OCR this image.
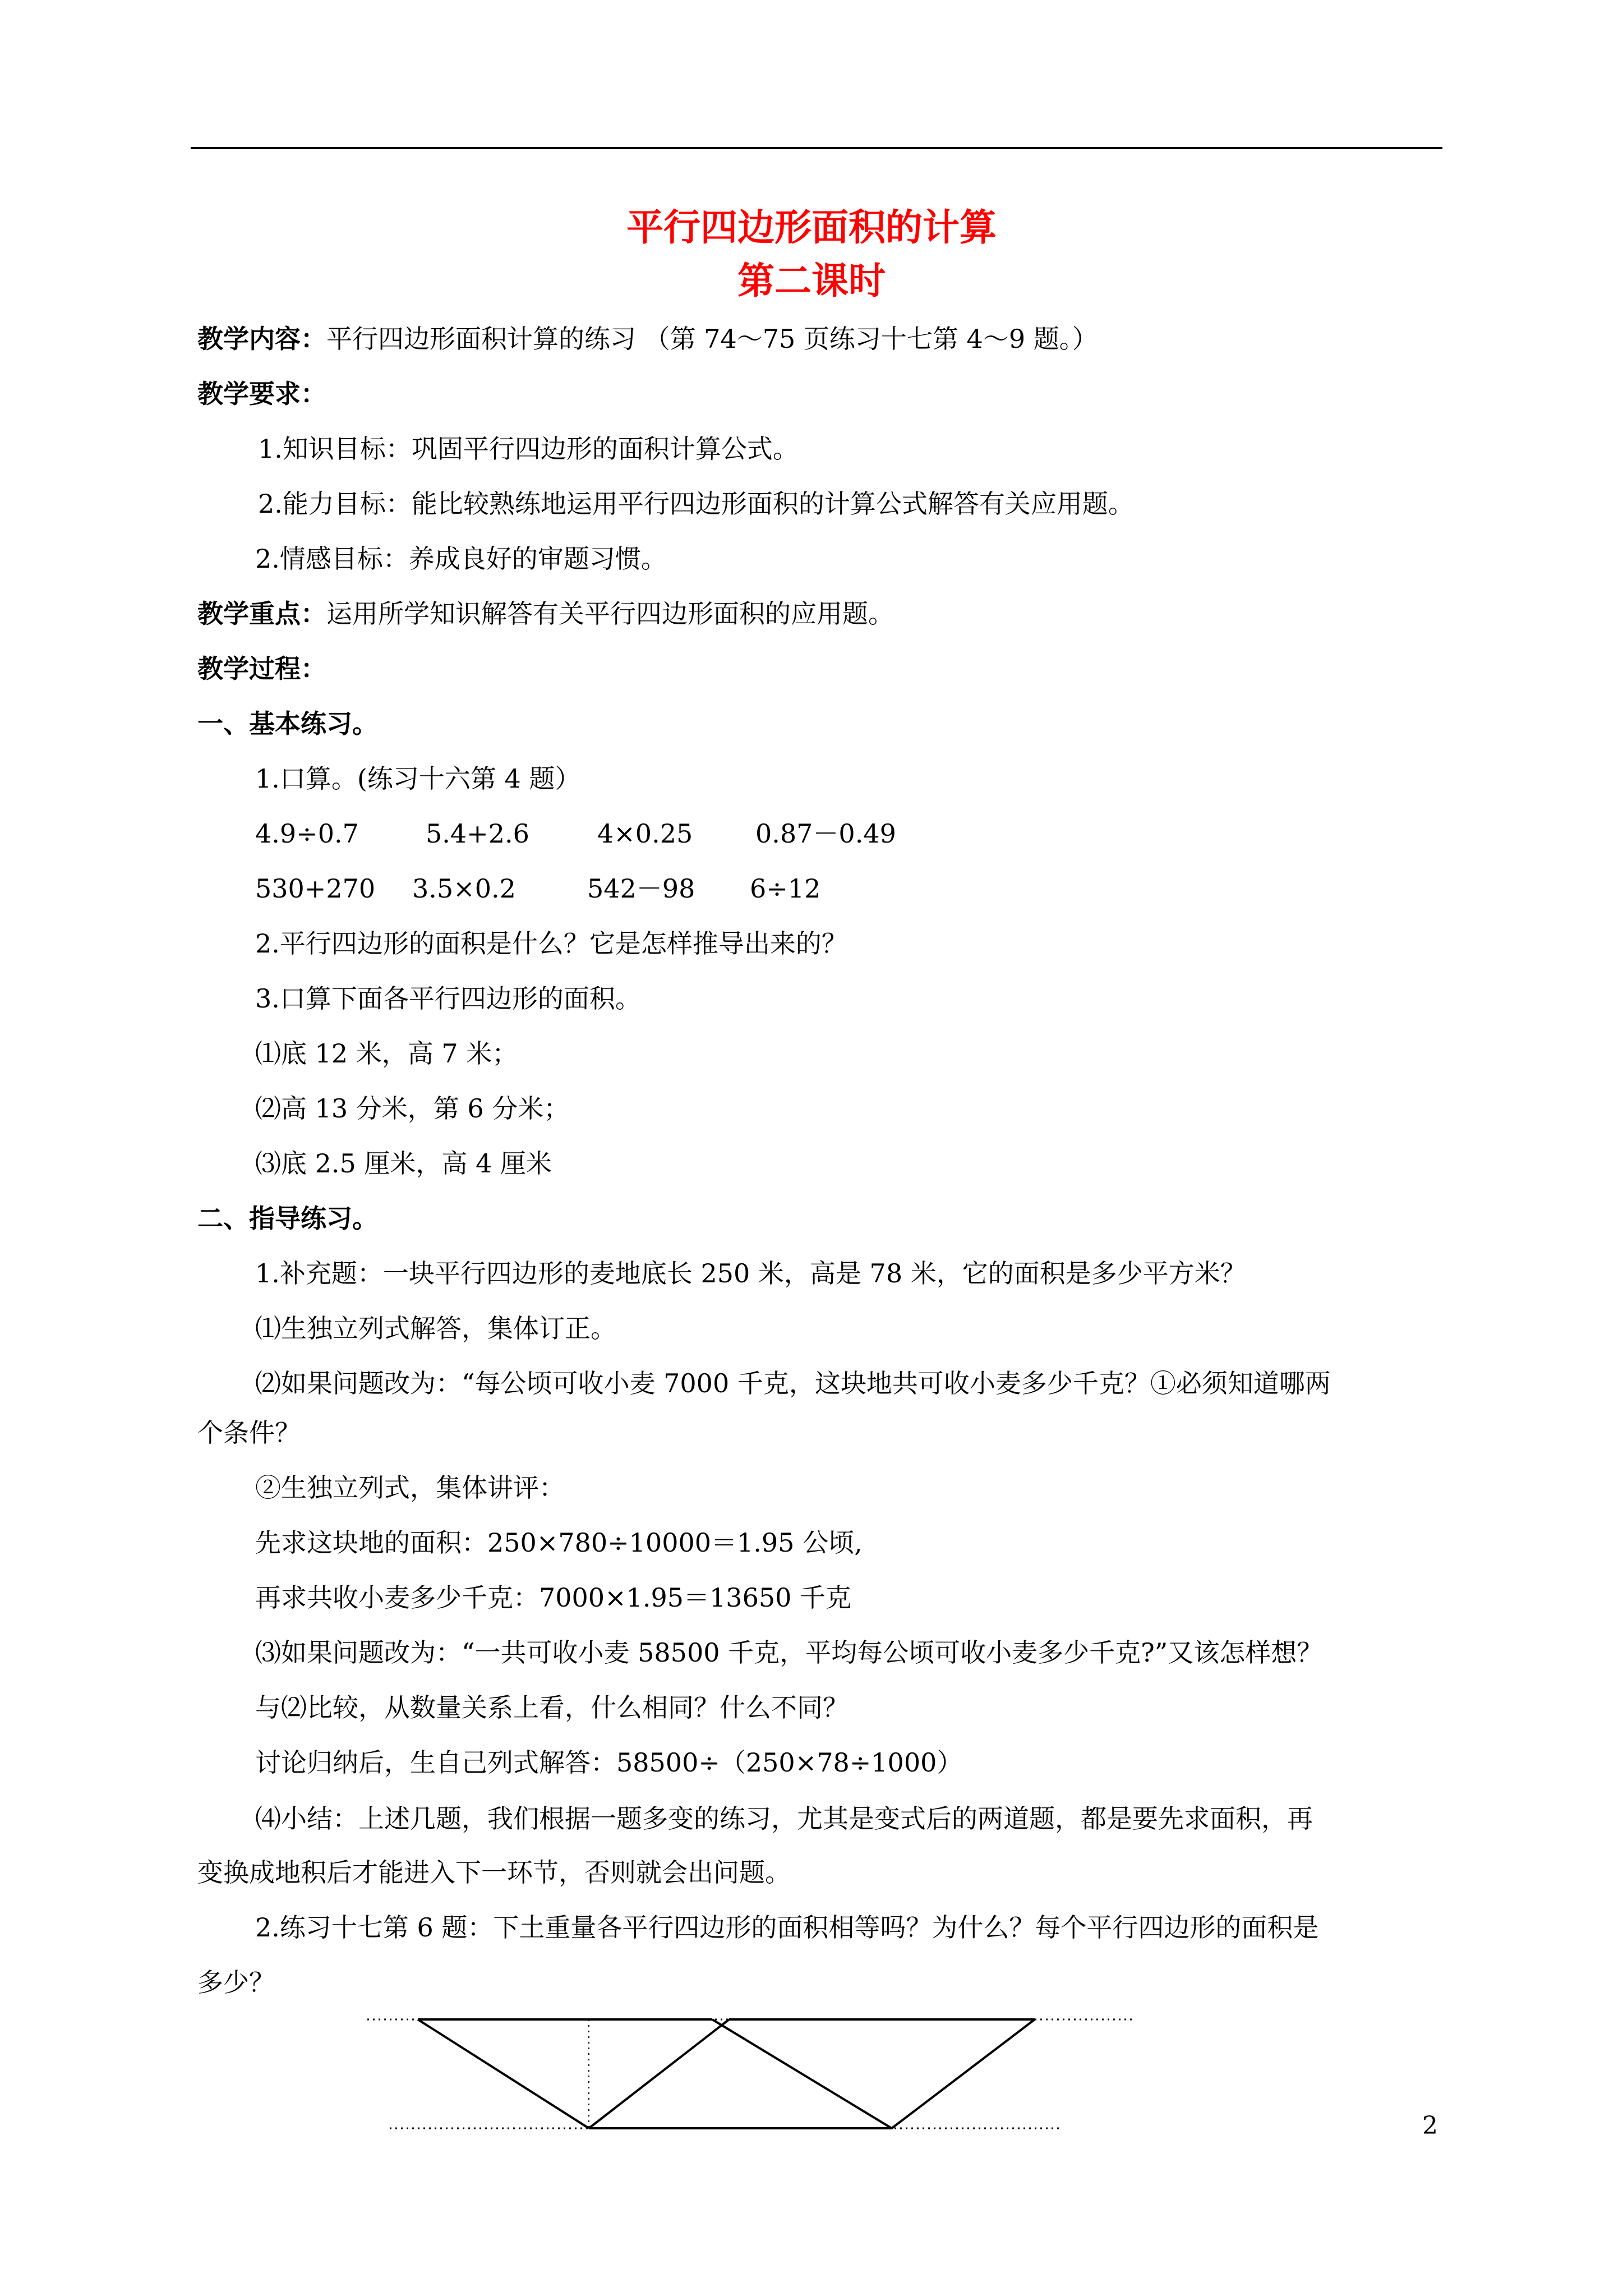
平行四边形面积的计算
第二课时
教学内容：平行四边形面积计算的练习 （第 74～75 页练习十七第 4～9 题。）
教学要求：
1.知识目标：巩固平行四边形的面积计算公式。
2.能力目标：能比较熟练地运用平行四边形面积的计算公式解答有关应用题。
2.情感目标：养成良好的审题习惯。
教学重点：运用所学知识解答有关平行四边形面积的应用题。
教学过程：
一、基本练习。
1.口算。(练习十六第 4 题）
4.9÷0.7	5.4+2.6	4×0.25 0.87－0.49
530+270 3.5×0.2	542－98 6÷12
2.平行四边形的面积是什么？它是怎样推导出来的？
3.口算下面各平行四边形的面积。
⑴底 12 米，高 7 米；
⑵高 13 分米，第 6 分米；
⑶底 2.5 厘米，高 4 厘米
二、指导练习。
1.补充题：一块平行四边形的麦地底长 250 米，高是 78 米，它的面积是多少平方米？
⑴生独立列式解答，集体订正。
⑵如果问题改为：“每公顷可收小麦 7000 千克，这块地共可收小麦多少千克？①必须知道哪两
个条件？
②生独立列式，集体讲评：
先求这块地的面积：250×780÷10000＝1.95 公顷,
再求共收小麦多少千克：7000×1.95＝13650 千克
⑶如果问题改为：“一共可收小麦 58500 千克，平均每公顷可收小麦多少千克?”又该怎样想？
与⑵比较，从数量关系上看，什么相同？什么不同？
讨论归纳后，生自己列式解答：58500÷（250×78÷1000）
⑷小结：上述几题，我们根据一题多变的练习，尤其是变式后的两道题，都是要先求面积，再
变换成地积后才能进入下一环节，否则就会出问题。
2.练习十七第 6 题：下土重量各平行四边形的面积相等吗？为什么？每个平行四边形的面积是
多少？
2
